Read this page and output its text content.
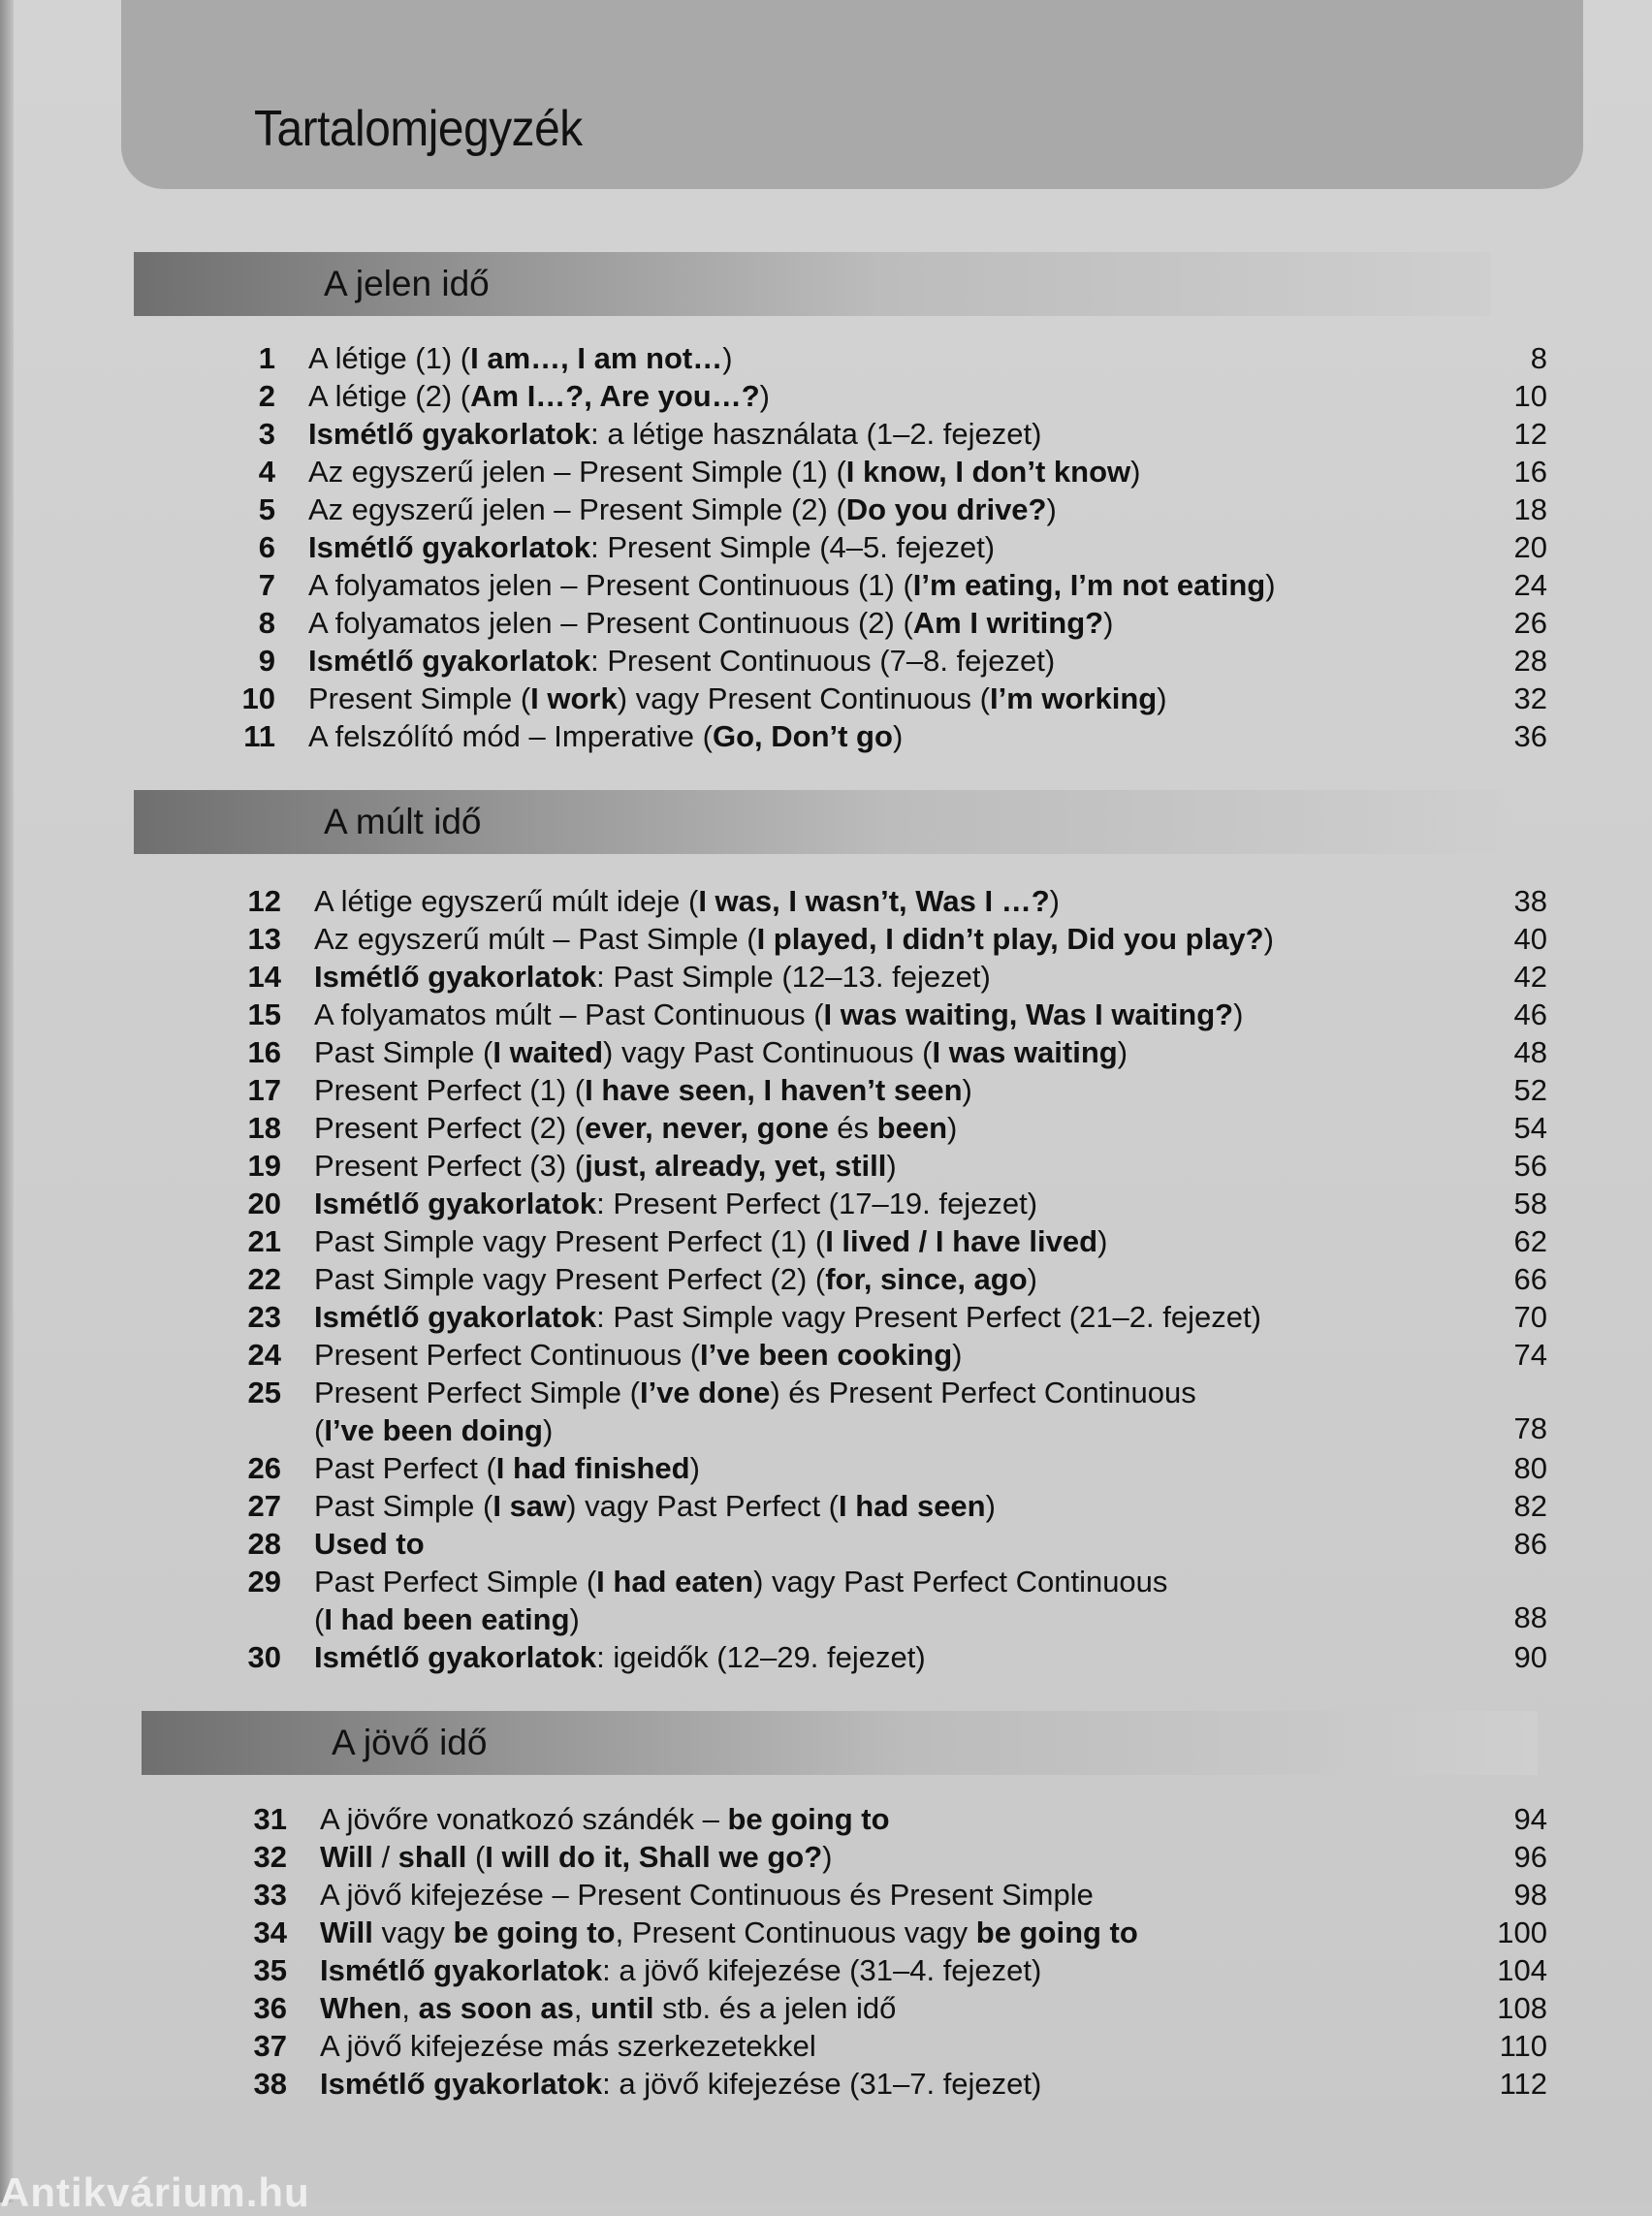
Tartalomjegyzék
A jelen idő
1 A létige (1) (I am…, I am not…)	8
2 A létige (2) (Am I…?, Are you…?)	10
3 Ismétlő gyakorlatok: a létige használata (1–2. fejezet)	12
4 Az egyszerű jelen – Present Simple (1) (I know, I don’t know)	16
5 Az egyszerű jelen – Present Simple (2) (Do you drive?)	18
6 Ismétlő gyakorlatok: Present Simple (4–5. fejezet)	20
7 A folyamatos jelen – Present Continuous (1) (I’m eating, I’m not eating)	24
8 A folyamatos jelen – Present Continuous (2) (Am I writing?)	26
9 Ismétlő gyakorlatok: Present Continuous (7–8. fejezet)	28
10 Present Simple (I work) vagy Present Continuous (I’m working)	32
11 A felszólító mód – Imperative (Go, Don’t go)	36
A múlt idő
12 A létige egyszerű múlt ideje (I was, I wasn’t, Was I …?)	38
13 Az egyszerű múlt – Past Simple (I played, I didn’t play, Did you play?)	40
14 Ismétlő gyakorlatok: Past Simple (12–13. fejezet)	42
15 A folyamatos múlt – Past Continuous (I was waiting, Was I waiting?)	46
16 Past Simple (I waited) vagy Past Continuous (I was waiting)	48
17 Present Perfect (1) (I have seen, I haven’t seen)	52
18 Present Perfect (2) (ever, never, gone és been)	54
19 Present Perfect (3) (just, already, yet, still)	56
20 Ismétlő gyakorlatok: Present Perfect (17–19. fejezet)	58
21 Past Simple vagy Present Perfect (1) (I lived / I have lived)	62
22 Past Simple vagy Present Perfect (2) (for, since, ago)	66
23 Ismétlő gyakorlatok: Past Simple vagy Present Perfect (21–2. fejezet)	70
24 Present Perfect Continuous (I’ve been cooking)	74
25 Present Perfect Simple (I’ve done) és Present Perfect Continuous
(I’ve been doing)	78
26 Past Perfect (I had finished)	80
27 Past Simple (I saw) vagy Past Perfect (I had seen)	82
28 Used to	86
29 Past Perfect Simple (I had eaten) vagy Past Perfect Continuous
(I had been eating)	88
30 Ismétlő gyakorlatok: igeidők (12–29. fejezet)	90
A jövő idő
31 A jövőre vonatkozó szándék – be going to	94
32 Will / shall (I will do it, Shall we go?)	96
33 A jövő kifejezése – Present Continuous és Present Simple	98
34 Will vagy be going to, Present Continuous vagy be going to	100
35 Ismétlő gyakorlatok: a jövő kifejezése (31–4. fejezet)	104
36 When, as soon as, until stb. és a jelen idő	108
37 A jövő kifejezése más szerkezetekkel	110
38 Ismétlő gyakorlatok: a jövő kifejezése (31–7. fejezet)	112
Antikvárium.hu
